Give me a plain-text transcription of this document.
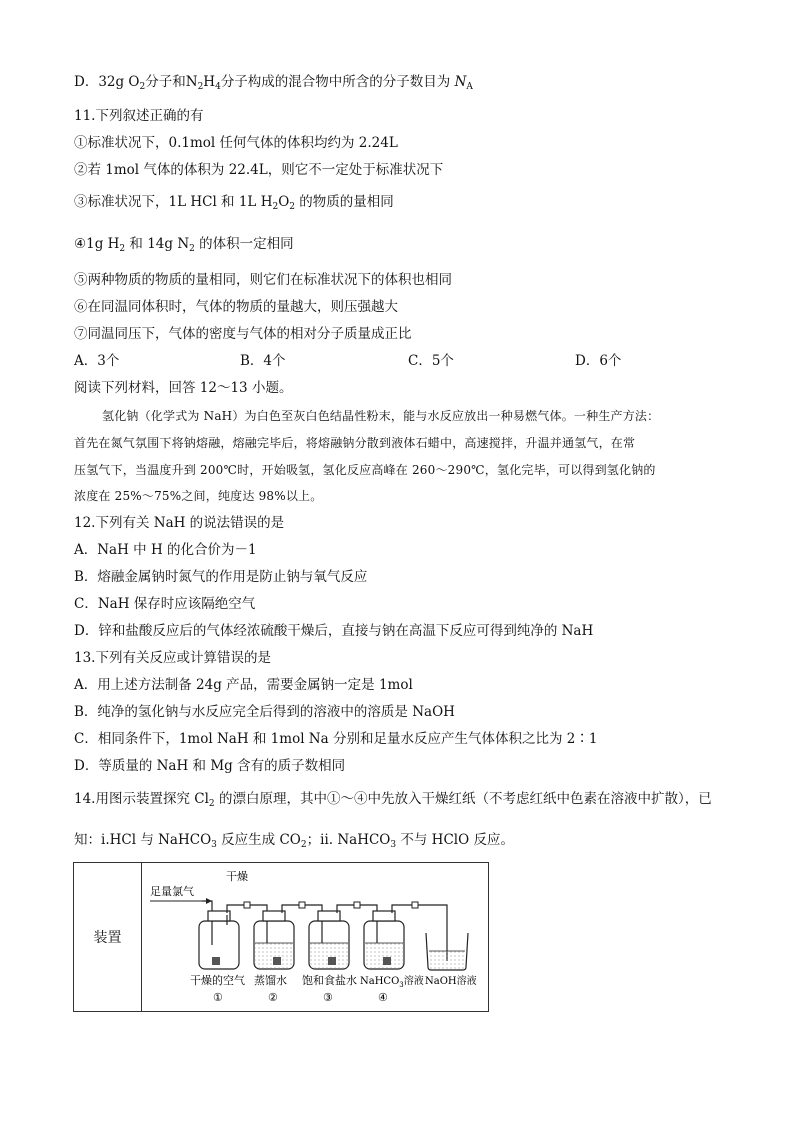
D．32g $O_2$分子和$N_2H_4$分子构成的混合物中所含的分子数目为 $N_A$
11.下列叙述正确的有
①标准状况下，0.1mol 任何气体的体积均约为 2.24L
②若 1mol 气体的体积为 22.4L，则它不一定处于标准状况下
③标准状况下，1L HCl 和 1L $H_2O_2$ 的物质的量相同
④1g $H_2$ 和 14g $N_2$ 的体积一定相同
⑤两种物质的物质的量相同，则它们在标准状况下的体积也相同
⑥在同温同体积时，气体的物质的量越大，则压强越大
⑦同温同压下，气体的密度与气体的相对分子质量成正比
A．3个	B．4个	C．5个	D．6个
阅读下列材料，回答 12～13 小题。
氢化钠（化学式为 NaH）为白色至灰白色结晶性粉末，能与水反应放出一种易燃气体。一种生产方法：
首先在氮气氛围下将钠熔融，熔融完毕后，将熔融钠分散到液体石蜡中，高速搅拌，升温并通氢气，在常
压氢气下，当温度升到 200℃时，开始吸氢，氢化反应高峰在 260～290℃，氢化完毕，可以得到氢化钠的
浓度在 25%～75%之间，纯度达 98%以上。
12.下列有关 NaH 的说法错误的是
A．NaH 中 H 的化合价为－1
B．熔融金属钠时氮气的作用是防止钠与氧气反应
C．NaH 保存时应该隔绝空气
D．锌和盐酸反应后的气体经浓硫酸干燥后，直接与钠在高温下反应可得到纯净的 NaH
13.下列有关反应或计算错误的是
A．用上述方法制备 24g 产品，需要金属钠一定是 1mol
B．纯净的氢化钠与水反应完全后得到的溶液中的溶质是 NaOH
C．相同条件下，1mol NaH 和 1mol Na 分别和足量水反应产生气体体积之比为 2∶1
D．等质量的 NaH 和 Mg 含有的质子数相同
14.用图示装置探究 $Cl_2$ 的漂白原理，其中①～④中先放入干燥红纸（不考虑红纸中色素在溶液中扩散），已
知：ⅰ.HCl 与 NaHCO$_3$ 反应生成 $CO_2$；ⅱ. NaHCO$_3$ 不与 HClO 反应。
装置	
干燥
足量氯气
干燥的空气 蒸馏水 饱和食盐水 NaHCO$_3$溶液 NaOH溶液
①	②	③	④
